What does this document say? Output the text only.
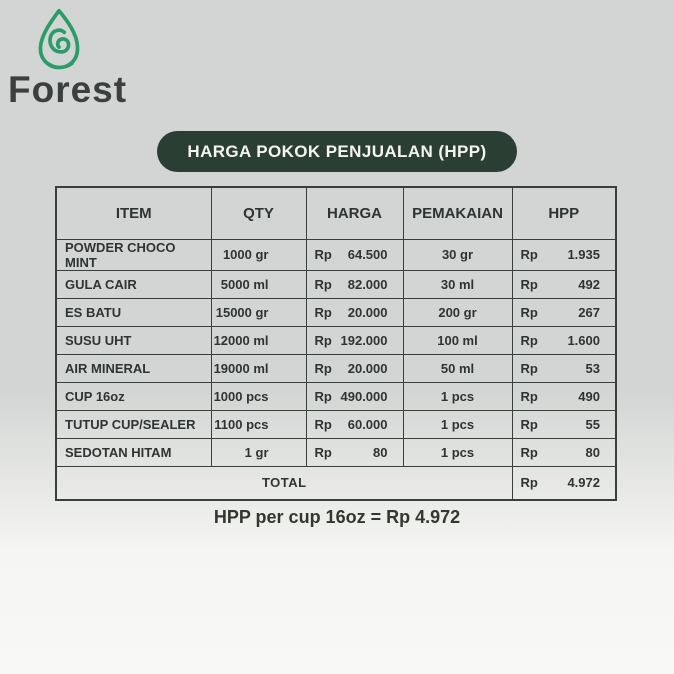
Forest
HARGA POKOK PENJUALAN (HPP)
ITEM	QTY	HARGA	PEMAKAIAN	HPP
POWDER CHOCO MINT	1000 gr	Rp 64.500	30 gr	Rp 1.935

GULA CAIR	5000 ml	Rp 82.000	30 ml	Rp 492

ES BATU	15000 gr	Rp 20.000	200 gr	Rp 267

SUSU UHT	12000 ml	Rp 192.000	100 ml	Rp 1.600

AIR MINERAL	19000 ml	Rp 20.000	50 ml	Rp 53

CUP 16oz	1000 pcs	Rp 490.000	1 pcs	Rp 490

TUTUP CUP/SEALER	1100 pcs	Rp 60.000	1 pcs	Rp 55

SEDOTAN HITAM	1 gr	Rp 80	1 pcs	Rp 80

TOTAL				Rp 4.972
HPP per cup 16oz = Rp 4.972
